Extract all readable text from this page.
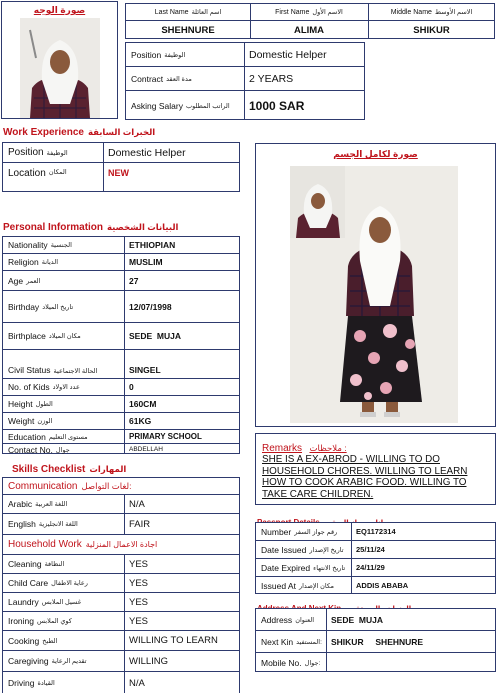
صورة الوجه	Last Name اسم العائلة	First Name الاسم الأول	Middle Name الاسم الأوسط
SHEHNURE	ALIMA	SHIKUR
Position الوظيفة	Domestic Helper
Contract مدة العقد	2 YEARS
Asking Salary الراتب المطلوب	1000 SAR
Work Experience الخبرات السابقة
Position الوظيفة	Domestic Helper
Location المكان	NEW
Personal Information البيانات الشخصية
Nationality الجنسية	ETHIOPIAN
Religion الديانة	MUSLIM
Age العمر	27
Birthday تاريخ الميلاد	12/07/1998
Birthplace مكان الميلاد	SEDE  MUJA
Civil Status الحالة الاجتماعية	SINGEL
No. of Kids عدد الاولاد	0
Height الطول	160CM
Weight الوزن	61KG
Education مستوى التعليم	PRIMARY SCHOOL
Contact No. جوال	ABDELLAH
Skills Checklist المهارات
Communication لغات التواصل:
Arabic اللغة العربية	N/A
English اللغة الانجليزية	FAIR
Household Work اجادة الاعمال المنزلية
Cleaning النظافة	YES
Child Care رعاية الاطفال	YES
Laundry غسيل الملابس	YES
Ironing كوي الملابس	YES
Cooking الطبخ	WILLING TO LEARN
Caregiving تقديم الرعاية	WILLING
Driving القيادة	N/A
صورة لكامل الجسم
Remarks ملاحظات :
SHE IS A EX-ABROD - WILLING TO DO HOUSEHOLD CHORES. WILLING TO LEARN HOW TO COOK ARABIC FOOD. WILLING TO TAKE CARE CHILDREN.
Number رقم جواز السفر	EQ1172314
Date Issued تاريخ الإصدار	25/11/24
Date Expired تاريخ الانتهاء	24/11/29
Issued At مكان الإصدار	ADDIS ABABA
Address العنوان	SEDE  MUJA
Next Kin المستفيد:	SHIKUR     SHEHNURE
Mobile No. جوال:
